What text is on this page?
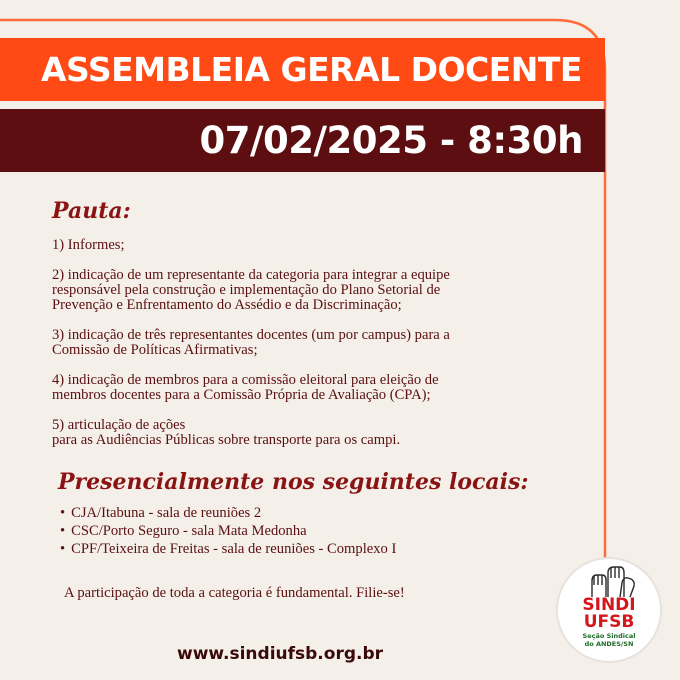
ASSEMBLEIA GERAL DOCENTE
07/02/2025 - 8:30h
Pauta:
1) Informes;
2) indicação de um representante da categoria para integrar a equipe
responsável pela construção e implementação do Plano Setorial de
Prevenção e Enfrentamento do Assédio e da Discriminação;
3) indicação de três representantes docentes (um por campus) para a
Comissão de Políticas Afirmativas;
4) indicação de membros para a comissão eleitoral para eleição de
membros docentes para a Comissão Própria de Avaliação (CPA);
5) articulação de ações
para as Audiências Públicas sobre transporte para os campi.
Presencialmente nos seguintes locais:
• CJA/Itabuna - sala de reuniões 2
• CSC/Porto Seguro - sala Mata Medonha
• CPF/Teixeira de Freitas - sala de reuniões - Complexo I
A participação de toda a categoria é fundamental. Filie-se!
www.sindiufsb.org.br
SINDI
UFSB
Seção Sindical
do ANDES/SN
